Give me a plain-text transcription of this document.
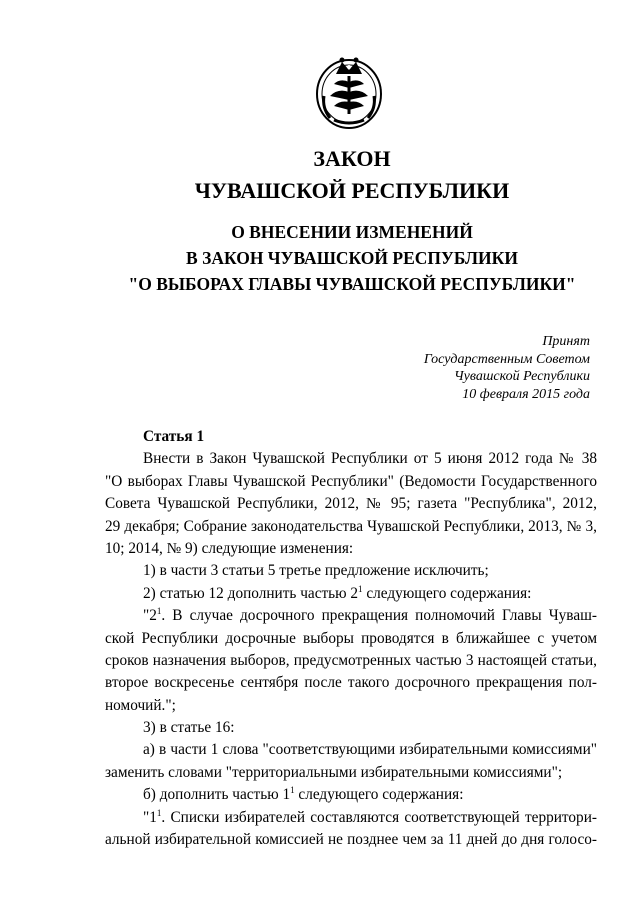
ЗАКОН
ЧУВАШСКОЙ РЕСПУБЛИКИ
О ВНЕСЕНИИ ИЗМЕНЕНИЙ
В ЗАКОН ЧУВАШСКОЙ РЕСПУБЛИКИ
"О ВЫБОРАХ ГЛАВЫ ЧУВАШСКОЙ РЕСПУБЛИКИ"
Принят
Государственным Советом
Чувашской Республики
10 февраля 2015 года
Статья 1
Внести в Закон Чувашской Республики от 5 июня 2012 года № 38
"О выборах Главы Чувашской Республики" (Ведомости Государственного
Совета Чувашской Республики, 2012, № 95; газета "Республика", 2012,
29 декабря; Собрание законодательства Чувашской Республики, 2013, № 3,
10; 2014, № 9) следующие изменения:
1) в части 3 статьи 5 третье предложение исключить;
2) статью 12 дополнить частью $2^1$ следующего содержания:
"$2^1$. В случае досрочного прекращения полномочий Главы Чуваш-
ской Республики досрочные выборы проводятся в ближайшее с учетом
сроков назначения выборов, предусмотренных частью 3 настоящей статьи,
второе воскресенье сентября после такого досрочного прекращения пол-
номочий.";
3) в статье 16:
а) в части 1 слова "соответствующими избирательными комиссиями"
заменить словами "территориальными избирательными комиссиями";
б) дополнить частью $1^1$ следующего содержания:
"$1^1$. Списки избирателей составляются соответствующей территори-
альной избирательной комиссией не позднее чем за 11 дней до дня голосо-
